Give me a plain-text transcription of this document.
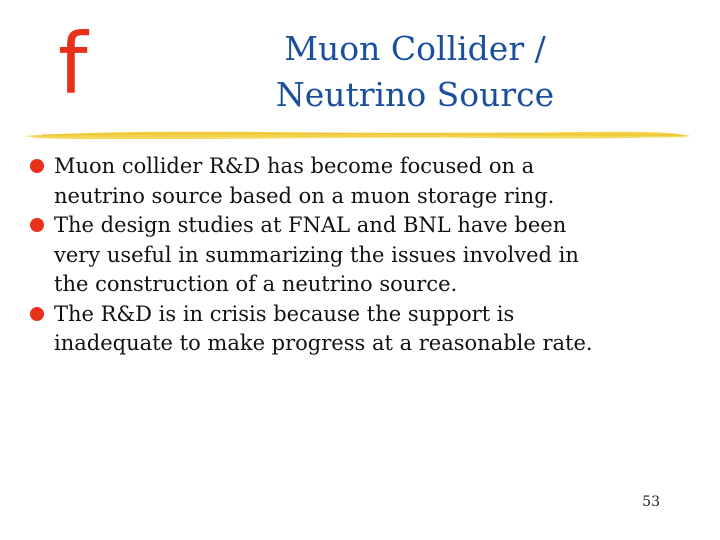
f	Muon Collider /
Neutrino Source
Muon collider R&D has become focused on a
neutrino source based on a muon storage ring.
The design studies at FNAL and BNL have been
very useful in summarizing the issues involved in
the construction of a neutrino source.
The R&D is in crisis because the support is
inadequate to make progress at a reasonable rate.
53
